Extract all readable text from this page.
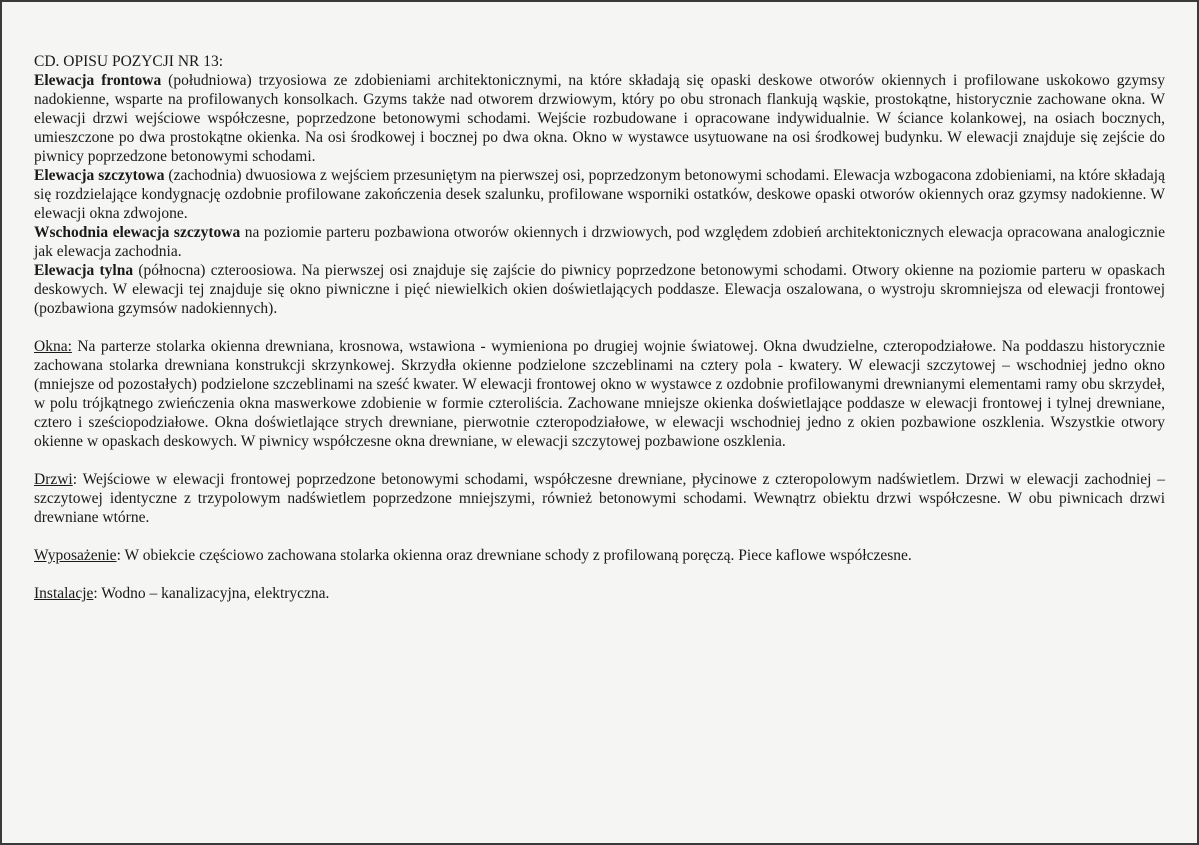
CD. OPISU POZYCJI NR 13:

Elewacja frontowa (południowa) trzyosiowa ze zdobieniami architektonicznymi, na które składają się opaski deskowe otworów okiennych i profilowane uskokowo gzymsy nadokienne, wsparte na profilowanych konsolkach. Gzyms także nad otworem drzwiowym, który po obu stronach flankują wąskie, prostokątne, historycznie zachowane okna. W elewacji drzwi wejściowe współczesne, poprzedzone betonowymi schodami. Wejście rozbudowane i opracowane indywidualnie. W ściance kolankowej, na osiach bocznych, umieszczone po dwa prostokątne okienka. Na osi środkowej i bocznej po dwa okna. Okno w wystawce usytuowane na osi środkowej budynku. W elewacji znajduje się zejście do piwnicy poprzedzone betonowymi schodami.

Elewacja szczytowa (zachodnia) dwuosiowa z wejściem przesuniętym na pierwszej osi, poprzedzonym betonowymi schodami. Elewacja wzbogacona zdobieniami, na które składają się rozdzielające kondygnację ozdobnie profilowane zakończenia desek szalunku, profilowane wsporniki ostatków, deskowe opaski otworów okiennych oraz gzymsy nadokienne. W elewacji okna zdwojone.

Wschodnia elewacja szczytowa na poziomie parteru pozbawiona otworów okiennych i drzwiowych, pod względem zdobień architektonicznych elewacja opracowana analogicznie jak elewacja zachodnia.

Elewacja tylna (północna) czteroosiowa. Na pierwszej osi znajduje się zajście do piwnicy poprzedzone betonowymi schodami. Otwory okienne na poziomie parteru w opaskach deskowych. W elewacji tej znajduje się okno piwniczne i pięć niewielkich okien doświetlających poddasze. Elewacja oszalowana, o wystroju skromniejsza od elewacji frontowej (pozbawiona gzymsów nadokiennych).

Okna: Na parterze stolarka okienna drewniana, krosnowa, wstawiona - wymieniona po drugiej wojnie światowej. Okna dwudzielne, czteropodziałowe. Na poddaszu historycznie zachowana stolarka drewniana konstrukcji skrzynkowej. Skrzydła okienne podzielone szczeblinami na cztery pola - kwatery. W elewacji szczytowej – wschodniej jedno okno (mniejsze od pozostałych) podzielone szczeblinami na sześć kwater. W elewacji frontowej okno w wystawce z ozdobnie profilowanymi drewnianymi elementami ramy obu skrzydeł, w polu trójkątnego zwieńczenia okna maswerkowe zdobienie w formie czteroliścia. Zachowane mniejsze okienka doświetlające poddasze w elewacji frontowej i tylnej drewniane, cztero i sześciopodziałowe. Okna doświetlające strych drewniane, pierwotnie czteropodziałowe, w elewacji wschodniej jedno z okien pozbawione oszklenia. Wszystkie otwory okienne w opaskach deskowych. W piwnicy współczesne okna drewniane, w elewacji szczytowej pozbawione oszklenia.

Drzwi: Wejściowe w elewacji frontowej poprzedzone betonowymi schodami, współczesne drewniane, płycinowe z czteropolowym nadświetlem. Drzwi w elewacji zachodniej – szczytowej identyczne z trzypolowym nadświetlem poprzedzone mniejszymi, również betonowymi schodami. Wewnątrz obiektu drzwi współczesne. W obu piwnicach drzwi drewniane wtórne.

Wyposażenie: W obiekcie częściowo zachowana stolarka okienna oraz drewniane schody z profilowaną poręczą. Piece kaflowe współczesne.

Instalacje: Wodno – kanalizacyjna, elektryczna.
